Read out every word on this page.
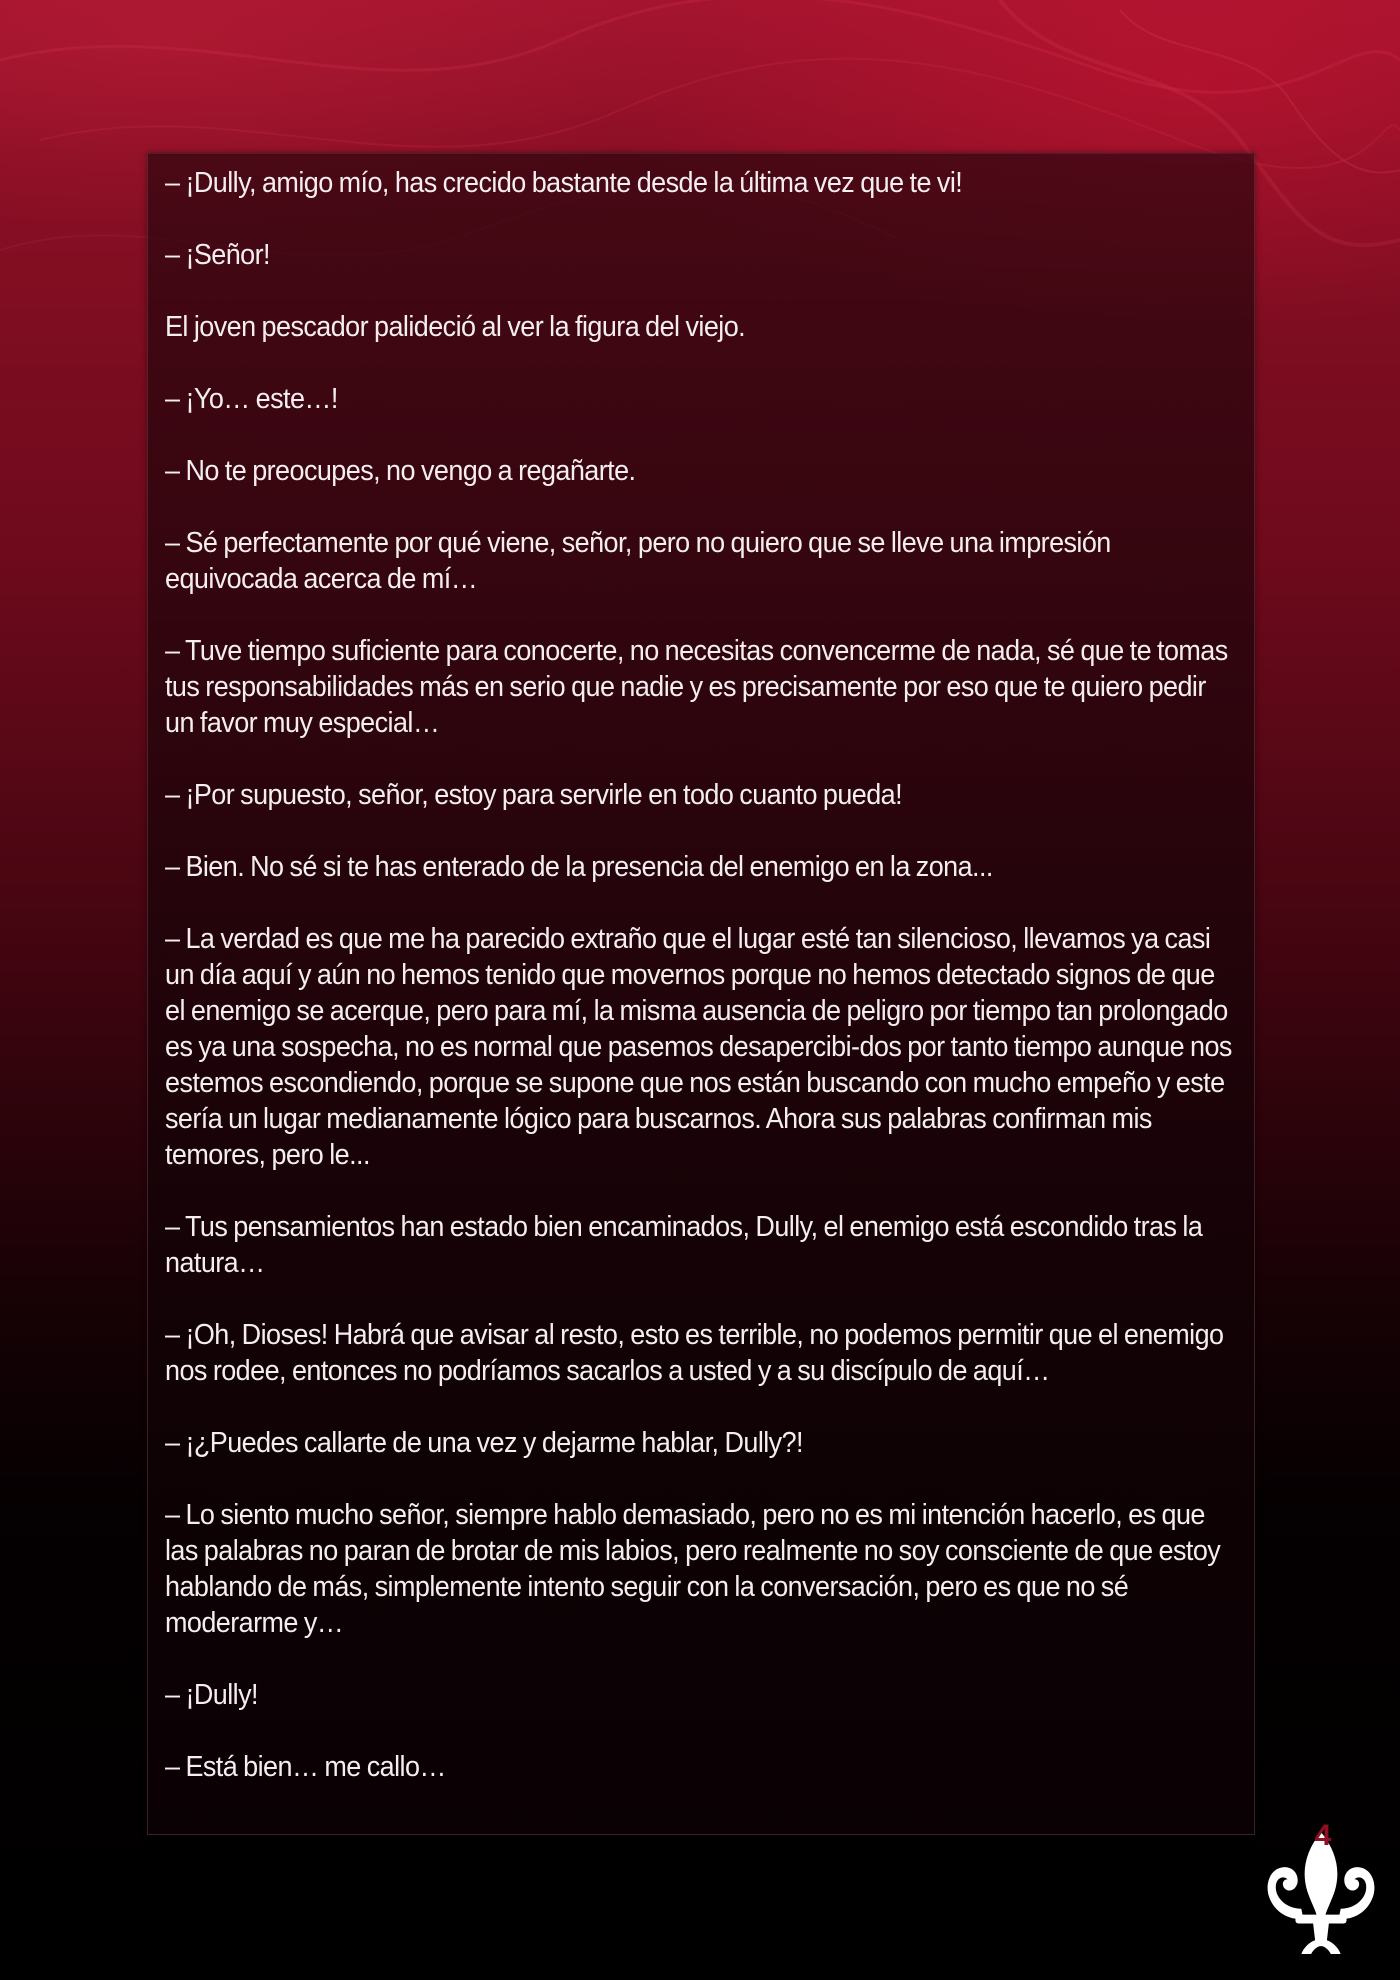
– ¡Dully, amigo mío, has crecido bastante desde la última vez que te vi!

– ¡Señor!

El joven pescador palideció al ver la figura del viejo.

– ¡Yo… este…!

– No te preocupes, no vengo a regañarte.

– Sé perfectamente por qué viene, señor, pero no quiero que se lleve una impresión equivocada acerca de mí…

– Tuve tiempo suficiente para conocerte, no necesitas convencerme de nada, sé que te tomas tus responsabilidades más en serio que nadie y es precisamente por eso que te quiero pedir un favor muy especial…

– ¡Por supuesto, señor, estoy para servirle en todo cuanto pueda!

– Bien. No sé si te has enterado de la presencia del enemigo en la zona...

– La verdad es que me ha parecido extraño que el lugar esté tan silencioso, llevamos ya casi un día aquí y aún no hemos tenido que movernos porque no hemos detectado signos de que el enemigo se acerque, pero para mí, la misma ausencia de peligro por tiempo tan prolongado es ya una sospecha, no es normal que pasemos desapercibi-dos por tanto tiempo aunque nos estemos escondiendo, porque se supone que nos están buscando con mucho empeño y este sería un lugar medianamente lógico para buscarnos. Ahora sus palabras confirman mis temores, pero le...

– Tus pensamientos han estado bien encaminados, Dully, el enemigo está escondido tras la natura…

– ¡Oh, Dioses! Habrá que avisar al resto, esto es terrible, no podemos permitir que el enemigo nos rodee, entonces no podríamos sacarlos a usted y a su discípulo de aquí…

– ¡¿Puedes callarte de una vez y dejarme hablar, Dully?!

– Lo siento mucho señor, siempre hablo demasiado, pero no es mi intención hacerlo, es que las palabras no paran de brotar de mis labios, pero realmente no soy consciente de que estoy hablando de más, simplemente intento seguir con la conversación, pero es que no sé moderarme y…

– ¡Dully!

– Está bien… me callo…

4
